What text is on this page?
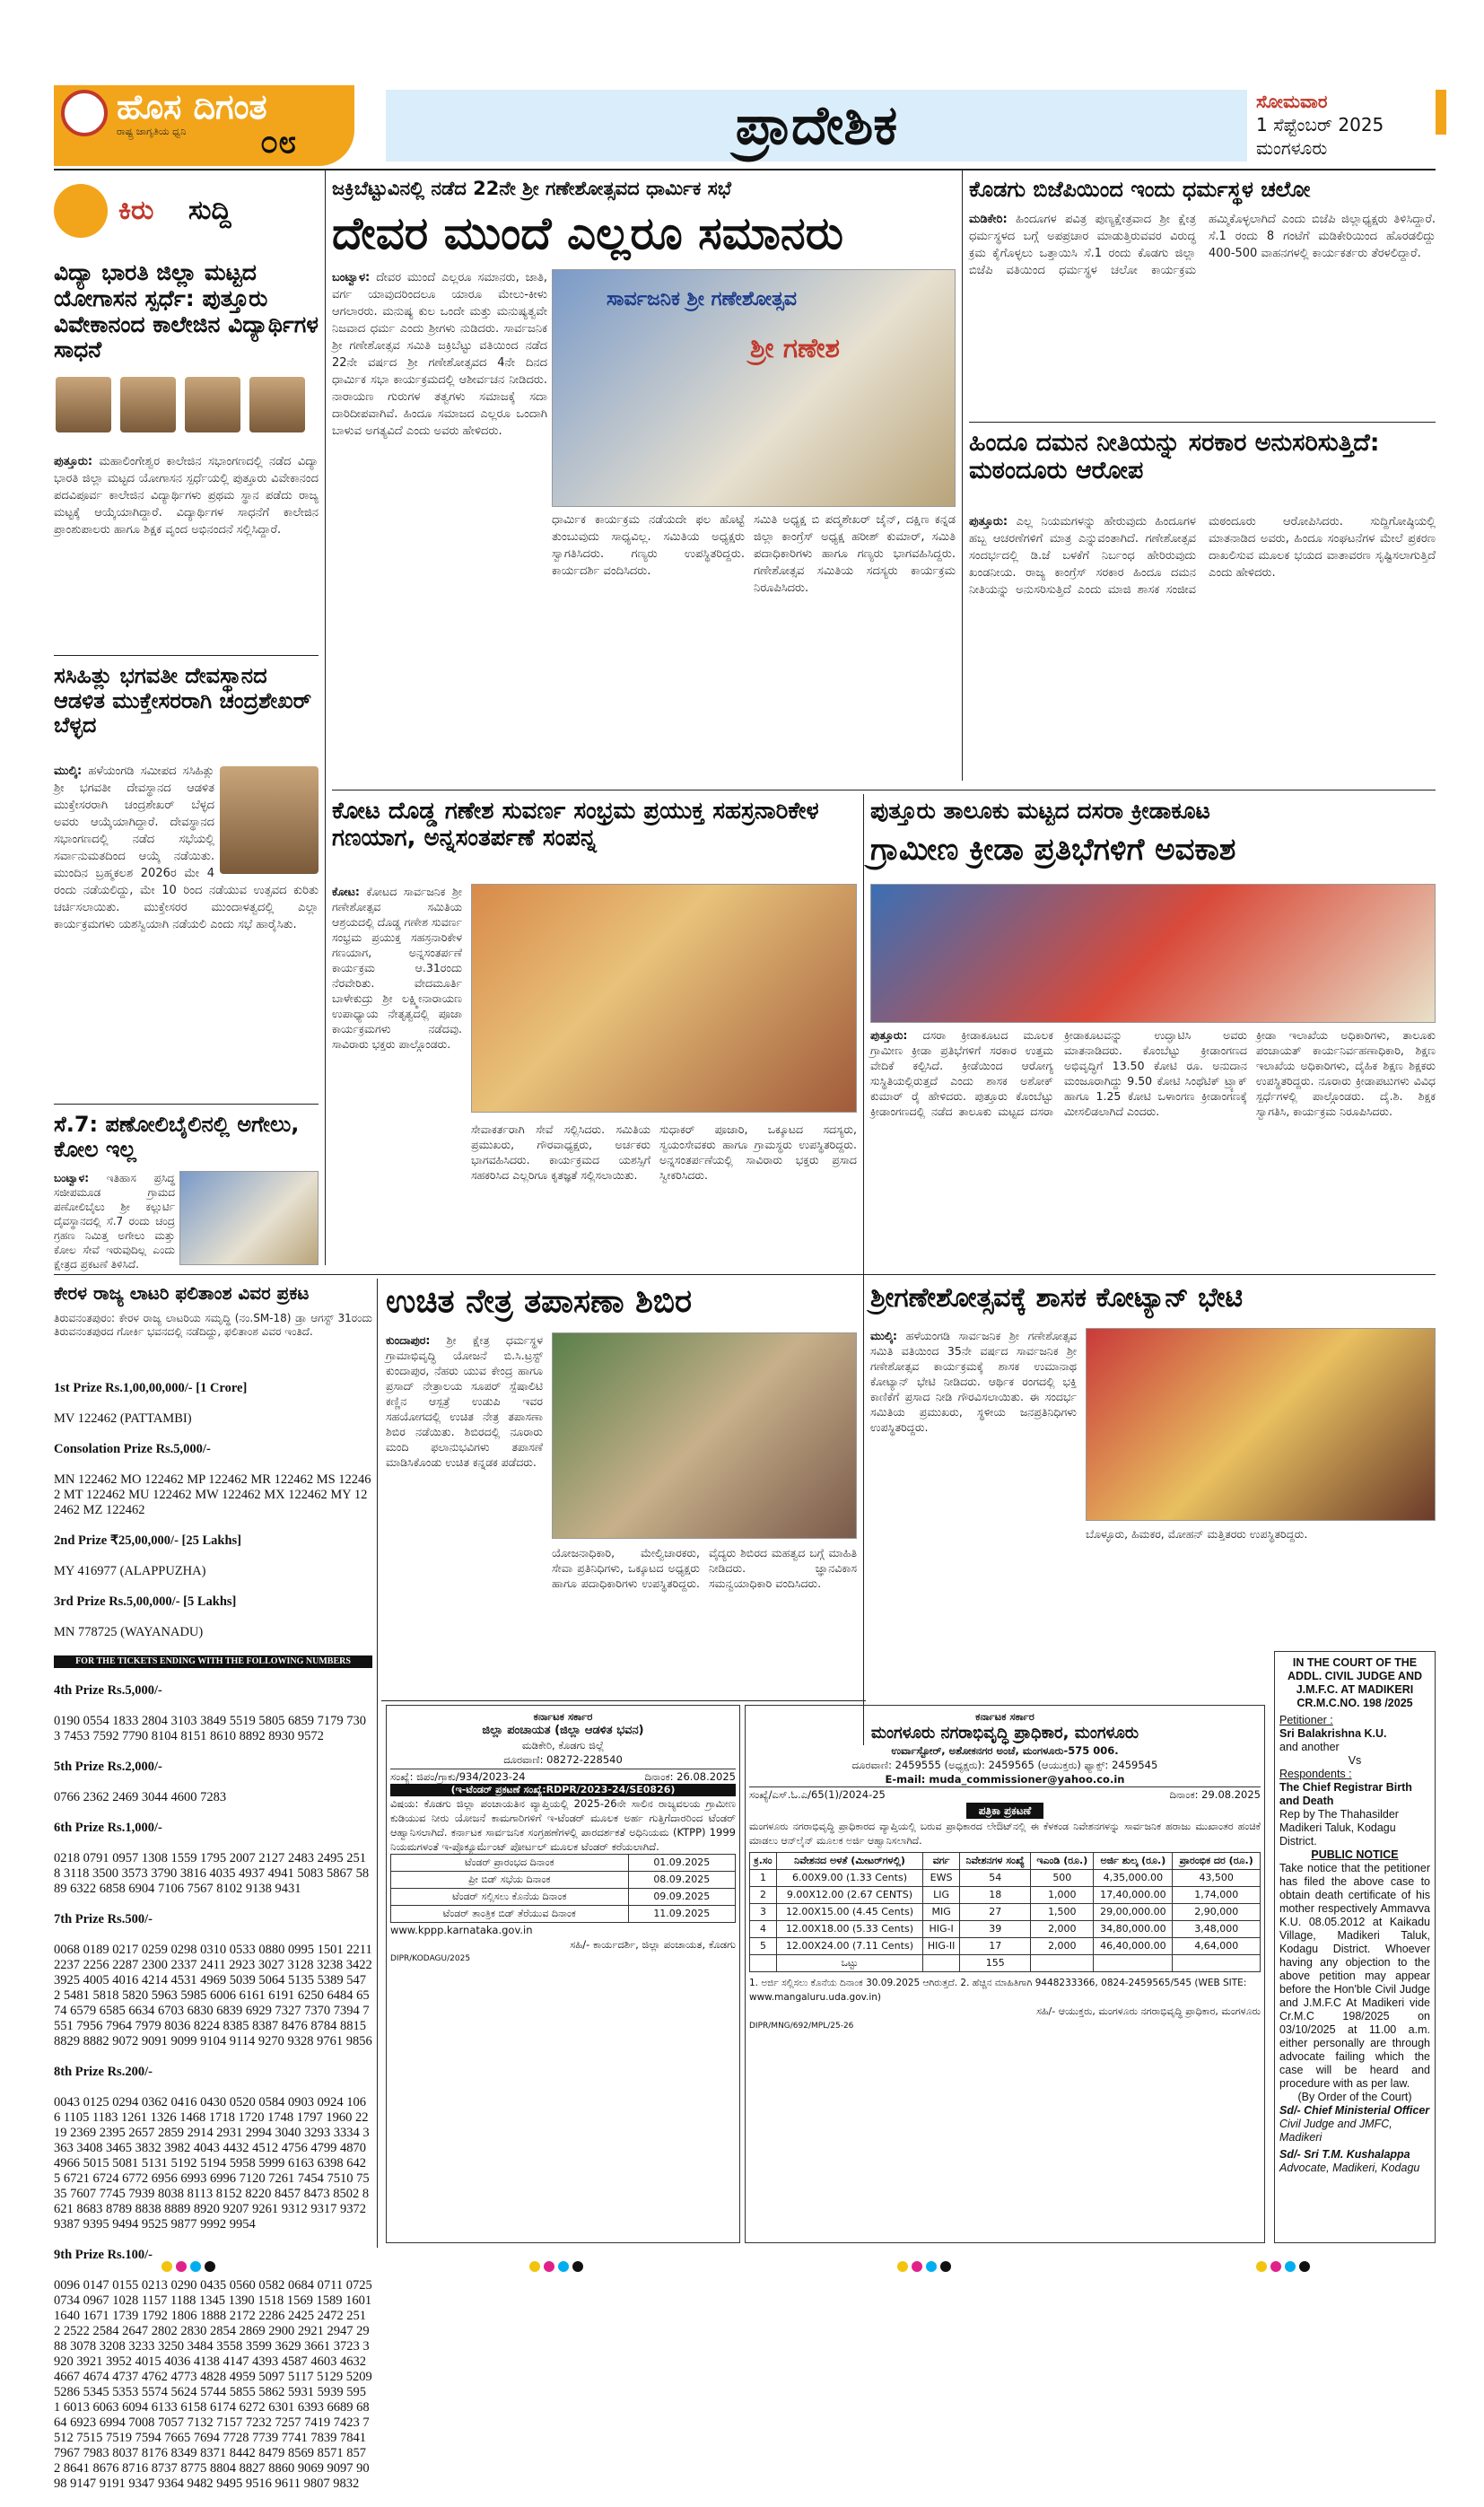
ಹೊಸ ದಿಗಂತ
ರಾಷ್ಟ್ರ ಜಾಗೃತಿಯ ಧ್ವನಿ ೦೮	ಪ್ರಾದೇಶಿಕ	ಸೋಮವಾರ
1 ಸೆಪ್ಟೆಂಬರ್ 2025
ಮಂಗಳೂರು
ಕಿರು ಸುದ್ದಿ
ವಿದ್ಯಾ ಭಾರತಿ ಜಿಲ್ಲಾ ಮಟ್ಟದ ಯೋಗಾಸನ ಸ್ಪರ್ಧೆ: ಪುತ್ತೂರು ವಿವೇಕಾನಂದ ಕಾಲೇಜಿನ ವಿದ್ಯಾರ್ಥಿಗಳ ಸಾಧನೆ
ಪುತ್ತೂರು: ಮಹಾಲಿಂಗೇಶ್ವರ ಕಾಲೇಜಿನ ಸಭಾಂಗಣದಲ್ಲಿ ನಡೆದ ವಿದ್ಯಾ ಭಾರತಿ ಜಿಲ್ಲಾ ಮಟ್ಟದ ಯೋಗಾಸನ ಸ್ಪರ್ಧೆಯಲ್ಲಿ ಪುತ್ತೂರು ವಿವೇಕಾನಂದ ಪದವಿಪೂರ್ವ ಕಾಲೇಜಿನ ವಿದ್ಯಾರ್ಥಿಗಳು ಪ್ರಥಮ ಸ್ಥಾನ ಪಡೆದು ರಾಜ್ಯ ಮಟ್ಟಕ್ಕೆ ಆಯ್ಕೆಯಾಗಿದ್ದಾರೆ. ವಿದ್ಯಾರ್ಥಿಗಳ ಸಾಧನೆಗೆ ಕಾಲೇಜಿನ ಪ್ರಾಂಶುಪಾಲರು ಹಾಗೂ ಶಿಕ್ಷಕ ವೃಂದ ಅಭಿನಂದನೆ ಸಲ್ಲಿಸಿದ್ದಾರೆ.
ಸಸಿಹಿತ್ಲು ಭಗವತೀ ದೇವಸ್ಥಾನದ ಆಡಳಿತ ಮುಕ್ತೇಸರರಾಗಿ ಚಂದ್ರಶೇಖರ್ ಬೆಳ್ಳದ
ಮುಲ್ಕಿ: ಹಳೆಯಂಗಡಿ ಸಮೀಪದ ಸಸಿಹಿತ್ಲು ಶ್ರೀ ಭಗವತೀ ದೇವಸ್ಥಾನದ ಆಡಳಿತ ಮುಕ್ತೇಸರರಾಗಿ ಚಂದ್ರಶೇಖರ್ ಬೆಳ್ಳದ ಅವರು ಆಯ್ಕೆಯಾಗಿದ್ದಾರೆ. ದೇವಸ್ಥಾನದ ಸಭಾಂಗಣದಲ್ಲಿ ನಡೆದ ಸಭೆಯಲ್ಲಿ ಸರ್ವಾನುಮತದಿಂದ ಆಯ್ಕೆ ನಡೆಯಿತು. ಮುಂದಿನ ಬ್ರಹ್ಮಕಲಶ 2026ರ ಮೇ 4 ರಂದು ನಡೆಯಲಿದ್ದು, ಮೇ 10 ರಿಂದ ನಡೆಯುವ ಉತ್ಸವದ ಕುರಿತು ಚರ್ಚಿಸಲಾಯಿತು. ಮುಕ್ತೇಸರರ ಮುಂದಾಳತ್ವದಲ್ಲಿ ಎಲ್ಲಾ ಕಾರ್ಯಕ್ರಮಗಳು ಯಶಸ್ವಿಯಾಗಿ ನಡೆಯಲಿ ಎಂದು ಸಭೆ ಹಾರೈಸಿತು.
ಸೆ.7: ಪಣೋಲಿಬೈಲಿನಲ್ಲಿ ಅಗೇಲು, ಕೋಲ ಇಲ್ಲ
ಬಂಟ್ವಾಳ: ಇತಿಹಾಸ ಪ್ರಸಿದ್ಧ ಸಜೀಪಮೂಡ ಗ್ರಾಮದ ಪಣೋಲಿಬೈಲು ಶ್ರೀ ಕಲ್ಲುರ್ಟಿ ದೈವಸ್ಥಾನದಲ್ಲಿ ಸೆ.7 ರಂದು ಚಂದ್ರ ಗ್ರಹಣ ನಿಮಿತ್ತ ಅಗೇಲು ಮತ್ತು ಕೋಲ ಸೇವೆ ಇರುವುದಿಲ್ಲ ಎಂದು ಕ್ಷೇತ್ರದ ಪ್ರಕಟಣೆ ತಿಳಿಸಿದೆ.
ಜಕ್ರಿಬೆಟ್ಟುವಿನಲ್ಲಿ ನಡೆದ 22ನೇ ಶ್ರೀ ಗಣೇಶೋತ್ಸವದ ಧಾರ್ಮಿಕ ಸಭೆ
ದೇವರ ಮುಂದೆ ಎಲ್ಲರೂ ಸಮಾನರು
ಬಂಟ್ವಾಳ: ದೇವರ ಮುಂದೆ ಎಲ್ಲರೂ ಸಮಾನರು, ಜಾತಿ, ವರ್ಗ ಯಾವುದರಿಂದಲೂ ಯಾರೂ ಮೇಲು-ಕೀಳು ಆಗಲಾರರು. ಮನುಷ್ಯ ಕುಲ ಒಂದೇ ಮತ್ತು ಮನುಷ್ಯತ್ವವೇ ನಿಜವಾದ ಧರ್ಮ ಎಂದು ಶ್ರೀಗಳು ನುಡಿದರು. ಸಾರ್ವಜನಿಕ ಶ್ರೀ ಗಣೇಶೋತ್ಸವ ಸಮಿತಿ ಜಕ್ರಿಬೆಟ್ಟು ವತಿಯಿಂದ ನಡೆದ 22ನೇ ವರ್ಷದ ಶ್ರೀ ಗಣೇಶೋತ್ಸವದ 4ನೇ ದಿನದ ಧಾರ್ಮಿಕ ಸಭಾ ಕಾರ್ಯಕ್ರಮದಲ್ಲಿ ಆಶೀರ್ವಚನ ನೀಡಿದರು. ನಾರಾಯಣ ಗುರುಗಳ ತತ್ವಗಳು ಸಮಾಜಕ್ಕೆ ಸದಾ ದಾರಿದೀಪವಾಗಿವೆ. ಹಿಂದೂ ಸಮಾಜದ ಎಲ್ಲರೂ ಒಂದಾಗಿ ಬಾಳುವ ಅಗತ್ಯವಿದೆ ಎಂದು ಅವರು ಹೇಳಿದರು.
ಸಾರ್ವಜನಿಕ ಶ್ರೀ ಗಣೇಶೋತ್ಸವ
ಶ್ರೀ ಗಣೇಶ
ಧಾರ್ಮಿಕ ಕಾರ್ಯಕ್ರಮ ನಡೆಯದೇ ಫಲ ಹೊಟ್ಟೆ ತುಂಬುವುದು ಸಾಧ್ಯವಿಲ್ಲ. ಸಮಿತಿಯ ಅಧ್ಯಕ್ಷರು ಸ್ವಾಗತಿಸಿದರು. ಗಣ್ಯರು ಉಪಸ್ಥಿತರಿದ್ದರು. ಕಾರ್ಯದರ್ಶಿ ವಂದಿಸಿದರು.
ಸಮಿತಿ ಅಧ್ಯಕ್ಷ ಬಿ ಪದ್ಮಶೇಖರ್ ಜೈನ್, ದಕ್ಷಿಣ ಕನ್ನಡ ಜಿಲ್ಲಾ ಕಾಂಗ್ರೆಸ್ ಅಧ್ಯಕ್ಷ ಹರೀಶ್ ಕುಮಾರ್, ಸಮಿತಿ ಪದಾಧಿಕಾರಿಗಳು ಹಾಗೂ ಗಣ್ಯರು ಭಾಗವಹಿಸಿದ್ದರು. ಗಣೇಶೋತ್ಸವ ಸಮಿತಿಯ ಸದಸ್ಯರು ಕಾರ್ಯಕ್ರಮ ನಿರೂಪಿಸಿದರು.
ಕೊಡಗು ಬಿಜೆಪಿಯಿಂದ ಇಂದು ಧರ್ಮಸ್ಥಳ ಚಲೋ
ಮಡಿಕೇರಿ: ಹಿಂದೂಗಳ ಪವಿತ್ರ ಪುಣ್ಯಕ್ಷೇತ್ರವಾದ ಶ್ರೀ ಕ್ಷೇತ್ರ ಧರ್ಮಸ್ಥಳದ ಬಗ್ಗೆ ಅಪಪ್ರಚಾರ ಮಾಡುತ್ತಿರುವವರ ವಿರುದ್ಧ ಕ್ರಮ ಕೈಗೊಳ್ಳಲು ಒತ್ತಾಯಿಸಿ ಸೆ.1 ರಂದು ಕೊಡಗು ಜಿಲ್ಲಾ ಬಿಜೆಪಿ ವತಿಯಿಂದ ಧರ್ಮಸ್ಥಳ ಚಲೋ ಕಾರ್ಯಕ್ರಮ ಹಮ್ಮಿಕೊಳ್ಳಲಾಗಿದೆ ಎಂದು ಬಿಜೆಪಿ ಜಿಲ್ಲಾಧ್ಯಕ್ಷರು ತಿಳಿಸಿದ್ದಾರೆ. ಸೆ.1 ರಂದು 8 ಗಂಟೆಗೆ ಮಡಿಕೇರಿಯಿಂದ ಹೊರಡಲಿದ್ದು 400-500 ವಾಹನಗಳಲ್ಲಿ ಕಾರ್ಯಕರ್ತರು ತೆರಳಲಿದ್ದಾರೆ.
ಹಿಂದೂ ದಮನ ನೀತಿಯನ್ನು ಸರಕಾರ ಅನುಸರಿಸುತ್ತಿದೆ: ಮಠಂದೂರು ಆರೋಪ
ಪುತ್ತೂರು: ಎಲ್ಲ ನಿಯಮಗಳನ್ನು ಹೇರುವುದು ಹಿಂದೂಗಳ ಹಬ್ಬ ಆಚರಣೆಗಳಿಗೆ ಮಾತ್ರ ಎನ್ನುವಂತಾಗಿದೆ. ಗಣೇಶೋತ್ಸವ ಸಂದರ್ಭದಲ್ಲಿ ಡಿ.ಜೆ ಬಳಕೆಗೆ ನಿರ್ಬಂಧ ಹೇರಿರುವುದು ಖಂಡನೀಯ. ರಾಜ್ಯ ಕಾಂಗ್ರೆಸ್ ಸರಕಾರ ಹಿಂದೂ ದಮನ ನೀತಿಯನ್ನು ಅನುಸರಿಸುತ್ತಿದೆ ಎಂದು ಮಾಜಿ ಶಾಸಕ ಸಂಜೀವ ಮಠಂದೂರು ಆರೋಪಿಸಿದರು. ಸುದ್ದಿಗೋಷ್ಠಿಯಲ್ಲಿ ಮಾತನಾಡಿದ ಅವರು, ಹಿಂದೂ ಸಂಘಟನೆಗಳ ಮೇಲೆ ಪ್ರಕರಣ ದಾಖಲಿಸುವ ಮೂಲಕ ಭಯದ ವಾತಾವರಣ ಸೃಷ್ಟಿಸಲಾಗುತ್ತಿದೆ ಎಂದು ಹೇಳಿದರು.
ಕೋಟ ದೊಡ್ಡ ಗಣೇಶ ಸುವರ್ಣ ಸಂಭ್ರಮ ಪ್ರಯುಕ್ತ ಸಹಸ್ರನಾರಿಕೇಳ ಗಣಯಾಗ, ಅನ್ನಸಂತರ್ಪಣೆ ಸಂಪನ್ನ
ಕೋಟ: ಕೋಟದ ಸಾರ್ವಜನಿಕ ಶ್ರೀ ಗಣೇಶೋತ್ಸವ ಸಮಿತಿಯ ಆಶ್ರಯದಲ್ಲಿ ದೊಡ್ಡ ಗಣೇಶ ಸುವರ್ಣ ಸಂಭ್ರಮ ಪ್ರಯುಕ್ತ ಸಹಸ್ರನಾರಿಕೇಳ ಗಣಯಾಗ, ಅನ್ನಸಂತರ್ಪಣೆ ಕಾರ್ಯಕ್ರಮ ಆ.31ರಂದು ನೆರವೇರಿತು. ವೇದಮೂರ್ತಿ ಬಾಳೇಕುದ್ರು ಶ್ರೀ ಲಕ್ಷ್ಮೀನಾರಾಯಣ ಉಪಾಧ್ಯಾಯ ನೇತೃತ್ವದಲ್ಲಿ ಪೂಜಾ ಕಾರ್ಯಕ್ರಮಗಳು ನಡೆದವು. ಸಾವಿರಾರು ಭಕ್ತರು ಪಾಲ್ಗೊಂಡರು.
ಸೇವಾಕರ್ತರಾಗಿ ಸೇವೆ ಸಲ್ಲಿಸಿದರು. ಸಮಿತಿಯ ಪ್ರಮುಖರು, ಗೌರವಾಧ್ಯಕ್ಷರು, ಅರ್ಚಕರು ಭಾಗವಹಿಸಿದರು. ಕಾರ್ಯಕ್ರಮದ ಯಶಸ್ಸಿಗೆ ಸಹಕರಿಸಿದ ಎಲ್ಲರಿಗೂ ಕೃತಜ್ಞತೆ ಸಲ್ಲಿಸಲಾಯಿತು.
ಸುಧಾಕರ್ ಪೂಜಾರಿ, ಒಕ್ಕೂಟದ ಸದಸ್ಯರು, ಸ್ವಯಂಸೇವಕರು ಹಾಗೂ ಗ್ರಾಮಸ್ಥರು ಉಪಸ್ಥಿತರಿದ್ದರು. ಅನ್ನಸಂತರ್ಪಣೆಯಲ್ಲಿ ಸಾವಿರಾರು ಭಕ್ತರು ಪ್ರಸಾದ ಸ್ವೀಕರಿಸಿದರು.
ಪುತ್ತೂರು ತಾಲೂಕು ಮಟ್ಟದ ದಸರಾ ಕ್ರೀಡಾಕೂಟ
ಗ್ರಾಮೀಣ ಕ್ರೀಡಾ ಪ್ರತಿಭೆಗಳಿಗೆ ಅವಕಾಶ
ಪುತ್ತೂರು: ದಸರಾ ಕ್ರೀಡಾಕೂಟದ ಮೂಲಕ ಗ್ರಾಮೀಣ ಕ್ರೀಡಾ ಪ್ರತಿಭೆಗಳಿಗೆ ಸರಕಾರ ಉತ್ತಮ ವೇದಿಕೆ ಕಲ್ಪಿಸಿದೆ. ಕ್ರೀಡೆಯಿಂದ ಆರೋಗ್ಯ ಸುಸ್ಥಿತಿಯಲ್ಲಿರುತ್ತದೆ ಎಂದು ಶಾಸಕ ಅಶೋಕ್ ಕುಮಾರ್ ರೈ ಹೇಳಿದರು. ಪುತ್ತೂರು ಕೊಂಬೆಟ್ಟು ಕ್ರೀಡಾಂಗಣದಲ್ಲಿ ನಡೆದ ತಾಲೂಕು ಮಟ್ಟದ ದಸರಾ ಕ್ರೀಡಾಕೂಟವನ್ನು ಉದ್ಘಾಟಿಸಿ ಅವರು ಮಾತನಾಡಿದರು. ಕೊಂಬೆಟ್ಟು ಕ್ರೀಡಾಂಗಣದ ಅಭಿವೃದ್ಧಿಗೆ 13.50 ಕೋಟಿ ರೂ. ಅನುದಾನ ಮಂಜೂರಾಗಿದ್ದು 9.50 ಕೋಟಿ ಸಿಂಥೆಟಿಕ್ ಟ್ರ್ಯಾಕ್ ಹಾಗೂ 1.25 ಕೋಟಿ ಒಳಾಂಗಣ ಕ್ರೀಡಾಂಗಣಕ್ಕೆ ಮೀಸಲಿಡಲಾಗಿದೆ ಎಂದರು.
ಕ್ರೀಡಾ ಇಲಾಖೆಯ ಅಧಿಕಾರಿಗಳು, ತಾಲೂಕು ಪಂಚಾಯತ್ ಕಾರ್ಯನಿರ್ವಹಣಾಧಿಕಾರಿ, ಶಿಕ್ಷಣ ಇಲಾಖೆಯ ಅಧಿಕಾರಿಗಳು, ದೈಹಿಕ ಶಿಕ್ಷಣ ಶಿಕ್ಷಕರು ಉಪಸ್ಥಿತರಿದ್ದರು. ನೂರಾರು ಕ್ರೀಡಾಪಟುಗಳು ವಿವಿಧ ಸ್ಪರ್ಧೆಗಳಲ್ಲಿ ಪಾಲ್ಗೊಂಡರು. ದೈ.ಶಿ. ಶಿಕ್ಷಕ ಸ್ವಾಗತಿಸಿ, ಕಾರ್ಯಕ್ರಮ ನಿರೂಪಿಸಿದರು.
ಕೇರಳ ರಾಜ್ಯ ಲಾಟರಿ ಫಲಿತಾಂಶ ವಿವರ ಪ್ರಕಟ
ತಿರುವನಂತಪುರಂ: ಕೇರಳ ರಾಜ್ಯ ಲಾಟರಿಯ ಸಮೃದ್ಧಿ (ನಂ.SM-18) ಡ್ರಾ ಆಗಸ್ಟ್ 31ರಂದು ತಿರುವನಂತಪುರದ ಗೋರ್ಕಿ ಭವನದಲ್ಲಿ ನಡೆದಿದ್ದು, ಫಲಿತಾಂಶ ವಿವರ ಇಂತಿದೆ.

1st Prize Rs.1,00,00,000/- [1 Crore]

MV 122462 (PATTAMBI)

Consolation Prize Rs.5,000/-

MN 122462 MO 122462 MP 122462 MR 122462 MS 122462 MT 122462 MU 122462 MW 122462 MX 122462 MY 122462 MZ 122462

2nd Prize ₹25,00,000/- [25 Lakhs]

MY 416977 (ALAPPUZHA)

3rd Prize Rs.5,00,000/- [5 Lakhs]

MN 778725 (WAYANADU)

FOR THE TICKETS ENDING WITH THE FOLLOWING NUMBERS

4th Prize Rs.5,000/-

0190 0554 1833 2804 3103 3849 5519 5805 6859 7179 7303 7453 7592 7790 8104 8151 8610 8892 8930 9572

5th Prize Rs.2,000/-

0766 2362 2469 3044 4600 7283

6th Prize Rs.1,000/-

0218 0791 0957 1308 1559 1795 2007 2127 2483 2495 2518 3118 3500 3573 3790 3816 4035 4937 4941 5083 5867 5889 6322 6858 6904 7106 7567 8102 9138 9431

7th Prize Rs.500/-

0068 0189 0217 0259 0298 0310 0533 0880 0995 1501 2211 2237 2256 2287 2300 2337 2411 2923 3027 3128 3238 3422 3925 4005 4016 4214 4531 4969 5039 5064 5135 5389 5472 5481 5818 5820 5963 5985 6006 6161 6191 6250 6484 6574 6579 6585 6634 6703 6830 6839 6929 7327 7370 7394 7551 7956 7964 7979 8036 8224 8385 8387 8476 8784 8815 8829 8882 9072 9091 9099 9104 9114 9270 9328 9761 9856

8th Prize Rs.200/-

0043 0125 0294 0362 0416 0430 0520 0584 0903 0924 1066 1105 1183 1261 1326 1468 1718 1720 1748 1797 1960 2219 2369 2395 2657 2859 2914 2931 2994 3040 3293 3334 3363 3408 3465 3832 3982 4043 4432 4512 4756 4799 4870 4966 5015 5081 5131 5192 5194 5958 5999 6163 6398 6425 6721 6724 6772 6956 6993 6996 7120 7261 7454 7510 7535 7607 7745 7939 8038 8113 8152 8220 8457 8473 8502 8621 8683 8789 8838 8889 8920 9207 9261 9312 9317 9372 9387 9395 9494 9525 9877 9992 9954

9th Prize Rs.100/-

0096 0147 0155 0213 0290 0435 0560 0582 0684 0711 0725 0734 0967 1028 1157 1188 1345 1390 1518 1569 1589 1601 1640 1671 1739 1792 1806 1888 2172 2286 2425 2472 2512 2522 2584 2647 2802 2830 2854 2869 2900 2921 2947 2988 3078 3208 3233 3250 3484 3558 3599 3629 3661 3723 3920 3921 3952 4015 4036 4138 4147 4393 4587 4603 4632 4667 4674 4737 4762 4773 4828 4959 5097 5117 5129 5209 5286 5345 5353 5574 5624 5744 5855 5862 5931 5939 5951 6013 6063 6094 6133 6158 6174 6272 6301 6393 6689 6864 6923 6994 7008 7057 7132 7157 7232 7257 7419 7423 7512 7515 7519 7594 7665 7694 7728 7739 7741 7839 7841 7967 7983 8037 8176 8349 8371 8442 8479 8569 8571 8572 8641 8676 8716 8737 8775 8804 8827 8860 9069 9097 9098 9147 9191 9347 9364 9482 9495 9516 9611 9807 9832

ಉಚಿತ ನೇತ್ರ ತಪಾಸಣಾ ಶಿಬಿರ
ಕುಂದಾಪುರ: ಶ್ರೀ ಕ್ಷೇತ್ರ ಧರ್ಮಸ್ಥಳ ಗ್ರಾಮಾಭಿವೃದ್ಧಿ ಯೋಜನೆ ಬಿ.ಸಿ.ಟ್ರಸ್ಟ್ ಕುಂದಾಪುರ, ನೆಹರು ಯುವ ಕೇಂದ್ರ ಹಾಗೂ ಪ್ರಸಾದ್ ನೇತ್ರಾಲಯ ಸೂಪರ್ ಸ್ಪೆಷಾಲಿಟಿ ಕಣ್ಣಿನ ಆಸ್ಪತ್ರೆ ಉಡುಪಿ ಇವರ ಸಹಯೋಗದಲ್ಲಿ ಉಚಿತ ನೇತ್ರ ತಪಾಸಣಾ ಶಿಬಿರ ನಡೆಯಿತು. ಶಿಬಿರದಲ್ಲಿ ನೂರಾರು ಮಂದಿ ಫಲಾನುಭವಿಗಳು ತಪಾಸಣೆ ಮಾಡಿಸಿಕೊಂಡು ಉಚಿತ ಕನ್ನಡಕ ಪಡೆದರು.
ಯೋಜನಾಧಿಕಾರಿ, ಮೇಲ್ವಿಚಾರಕರು, ಸೇವಾ ಪ್ರತಿನಿಧಿಗಳು, ಒಕ್ಕೂಟದ ಅಧ್ಯಕ್ಷರು ಹಾಗೂ ಪದಾಧಿಕಾರಿಗಳು ಉಪಸ್ಥಿತರಿದ್ದರು. ವೈದ್ಯರು ಶಿಬಿರದ ಮಹತ್ವದ ಬಗ್ಗೆ ಮಾಹಿತಿ ನೀಡಿದರು. ಜ್ಞಾನವಿಕಾಸ ಸಮನ್ವಯಾಧಿಕಾರಿ ವಂದಿಸಿದರು.
ಶ್ರೀಗಣೇಶೋತ್ಸವಕ್ಕೆ ಶಾಸಕ ಕೋಟ್ಯಾನ್ ಭೇಟಿ
ಮುಲ್ಕಿ: ಹಳೆಯಂಗಡಿ ಸಾರ್ವಜನಿಕ ಶ್ರೀ ಗಣೇಶೋತ್ಸವ ಸಮಿತಿ ವತಿಯಿಂದ 35ನೇ ವರ್ಷದ ಸಾರ್ವಜನಿಕ ಶ್ರೀ ಗಣೇಶೋತ್ಸವ ಕಾರ್ಯಕ್ರಮಕ್ಕೆ ಶಾಸಕ ಉಮಾನಾಥ ಕೋಟ್ಯಾನ್ ಭೇಟಿ ನೀಡಿದರು. ಆರ್ಥಿಕ ರಂಗದಲ್ಲಿ ಭಕ್ತಿ ಕಾಣಿಕೆಗೆ ಪ್ರಸಾದ ನೀಡಿ ಗೌರವಿಸಲಾಯಿತು. ಈ ಸಂದರ್ಭ ಸಮಿತಿಯ ಪ್ರಮುಖರು, ಸ್ಥಳೀಯ ಜನಪ್ರತಿನಿಧಿಗಳು ಉಪಸ್ಥಿತರಿದ್ದರು.
ಬೊಳ್ಳೂರು, ಹಿಮಕರ, ಮೋಹನ್ ಮತ್ತಿತರರು ಉಪಸ್ಥಿತರಿದ್ದರು.
ಕರ್ನಾಟಕ ಸರ್ಕಾರ
ಜಿಲ್ಲಾ ಪಂಚಾಯತ (ಜಿಲ್ಲಾ ಆಡಳಿತ ಭವನ)
ಮಡಿಕೇರಿ, ಕೊಡಗು ಜಿಲ್ಲೆ
ದೂರವಾಣಿ: 08272-228540
ಸಂಖ್ಯೆ: ಜಿಪಂ/ಗ್ರಾಕು/934/2023-24	ದಿನಾಂಕ: 26.08.2025
(ಇ-ಟೆಂಡರ್ ಪ್ರಕಟಣೆ ಸಂಖ್ಯೆ:RDPR/2023-24/SE0826)
ವಿಷಯ: ಕೊಡಗು ಜಿಲ್ಲಾ ಪಂಚಾಯತಿನ ವ್ಯಾಪ್ತಿಯಲ್ಲಿ 2025-26ನೇ ಸಾಲಿನ ರಾಜ್ಯವಲಯ ಗ್ರಾಮೀಣ ಕುಡಿಯುವ ನೀರು ಯೋಜನೆ ಕಾಮಗಾರಿಗಳಿಗೆ ಇ-ಟೆಂಡರ್ ಮೂಲಕ ಅರ್ಹ ಗುತ್ತಿಗೆದಾರರಿಂದ ಟೆಂಡರ್ ಆಹ್ವಾನಿಸಲಾಗಿದೆ. ಕರ್ನಾಟಕ ಸಾರ್ವಜನಿಕ ಸಂಗ್ರಹಣೆಗಳಲ್ಲಿ ಪಾರದರ್ಶಕತೆ ಅಧಿನಿಯಮ (KTPP) 1999 ನಿಯಮಗಳಂತೆ ಇ-ಪ್ರೊಕ್ಯೂರ್ಮೆಂಟ್ ಪೋರ್ಟಲ್ ಮೂಲಕ ಟೆಂಡರ್ ಕರೆಯಲಾಗಿದೆ.
ಟೆಂಡರ್ ಪ್ರಾರಂಭದ ದಿನಾಂಕ	01.09.2025
ಪ್ರೀ ಬಿಡ್ ಸಭೆಯ ದಿನಾಂಕ	08.09.2025
ಟೆಂಡರ್ ಸಲ್ಲಿಸಲು ಕೊನೆಯ ದಿನಾಂಕ	09.09.2025
ಟೆಂಡರ್ ತಾಂತ್ರಿಕ ಬಿಡ್ ತೆರೆಯುವ ದಿನಾಂಕ	11.09.2025
www.kppp.karnataka.gov.in
ಸಹಿ/- ಕಾರ್ಯದರ್ಶಿ, ಜಿಲ್ಲಾ ಪಂಚಾಯತ, ಕೊಡಗು
DIPR/KODAGU/2025
ಕರ್ನಾಟಕ ಸರ್ಕಾರ
ಮಂಗಳೂರು ನಗರಾಭಿವೃದ್ಧಿ ಪ್ರಾಧಿಕಾರ, ಮಂಗಳೂರು
ಉರ್ವಾಸ್ಟೋರ್, ಅಶೋಕನಗರ ಅಂಚೆ, ಮಂಗಳೂರು-575 006.
ದೂರವಾಣಿ: 2459555 (ಅಧ್ಯಕ್ಷರು): 2459565 (ಆಯುಕ್ತರು) ಫ್ಯಾಕ್ಸ್: 2459545
E-mail: muda_commissioner@yahoo.co.in
ಸಂಖ್ಯೆ/ಎಸ್.ಓ.ಎ/65(1)/2024-25	ದಿನಾಂಕ: 29.08.2025
ಪತ್ರಿಕಾ ಪ್ರಕಟಣೆ
ಮಂಗಳೂರು ನಗರಾಭಿವೃದ್ಧಿ ಪ್ರಾಧಿಕಾರದ ವ್ಯಾಪ್ತಿಯಲ್ಲಿ ಬರುವ ಪ್ರಾಧಿಕಾರದ ಲೇಔಟ್‌ನಲ್ಲಿ ಈ ಕೆಳಕಂಡ ನಿವೇಶನಗಳನ್ನು ಸಾರ್ವಜನಿಕ ಹರಾಜು ಮುಖಾಂತರ ಹಂಚಿಕೆ ಮಾಡಲು ಆನ್‌ಲೈನ್ ಮೂಲಕ ಅರ್ಜಿ ಆಹ್ವಾನಿಸಲಾಗಿದೆ.
ಕ್ರ.ಸಂ	ನಿವೇಶನದ ಅಳತೆ (ಮೀಟರ್‌ಗಳಲ್ಲಿ)	ವರ್ಗ	ನಿವೇಶನಗಳ ಸಂಖ್ಯೆ	ಇಎಂಡಿ (ರೂ.)	ಅರ್ಜಿ ಶುಲ್ಕ (ರೂ.)	ಪ್ರಾರಂಭಿಕ ದರ (ರೂ.)
1	6.00X9.00 (1.33 Cents)	EWS	54	500	4,35,000.00	43,500
2	9.00X12.00 (2.67 CENTS)	LIG	18	1,000	17,40,000.00	1,74,000
3	12.00X15.00 (4.45 Cents)	MIG	27	1,500	29,00,000.00	2,90,000
4	12.00X18.00 (5.33 Cents)	HIG-I	39	2,000	34,80,000.00	3,48,000
5	12.00X24.00 (7.11 Cents)	HIG-II	17	2,000	46,40,000.00	4,64,000
	ಒಟ್ಟು		155			
1. ಅರ್ಜಿ ಸಲ್ಲಿಸಲು ಕೊನೆಯ ದಿನಾಂಕ 30.09.2025 ಆಗಿರುತ್ತದೆ. 2. ಹೆಚ್ಚಿನ ಮಾಹಿತಿಗಾಗಿ 9448233366, 0824-2459565/545 (WEB SITE: www.mangaluru.uda.gov.in)
ಸಹಿ/- ಆಯುಕ್ತರು, ಮಂಗಳೂರು ನಗರಾಭಿವೃದ್ಧಿ ಪ್ರಾಧಿಕಾರ, ಮಂಗಳೂರು
DIPR/MNG/692/MPL/25-26
IN THE COURT OF THE
ADDL. CIVIL JUDGE AND
J.M.F.C. AT MADIKERI
CR.M.C.NO. 198 /2025
Petitioner :
Sri Balakrishna K.U.
and another
Vs
Respondents :
The Chief Registrar Birth and Death
Rep by The Thahasilder Madikeri Taluk, Kodagu District.
PUBLIC NOTICE
Take notice that the petitioner has filed the above case to obtain death certificate of his mother respectively Ammavva K.U. 08.05.2012 at Kaikadu Village, Madikeri Taluk, Kodagu District. Whoever having any objection to the above petition may appear before the Hon'ble Civil Judge and J.M.F.C At Madikeri vide Cr.M.C 198/2025 on 03/10/2025 at 11.00 a.m. either personally are through advocate failing which the case will be heard and procedure with as per law.
(By Order of the Court)
Sd/- Chief Ministerial Officer
Civil Judge and JMFC, Madikeri
Sd/- Sri T.M. Kushalappa
Advocate, Madikeri, Kodagu
